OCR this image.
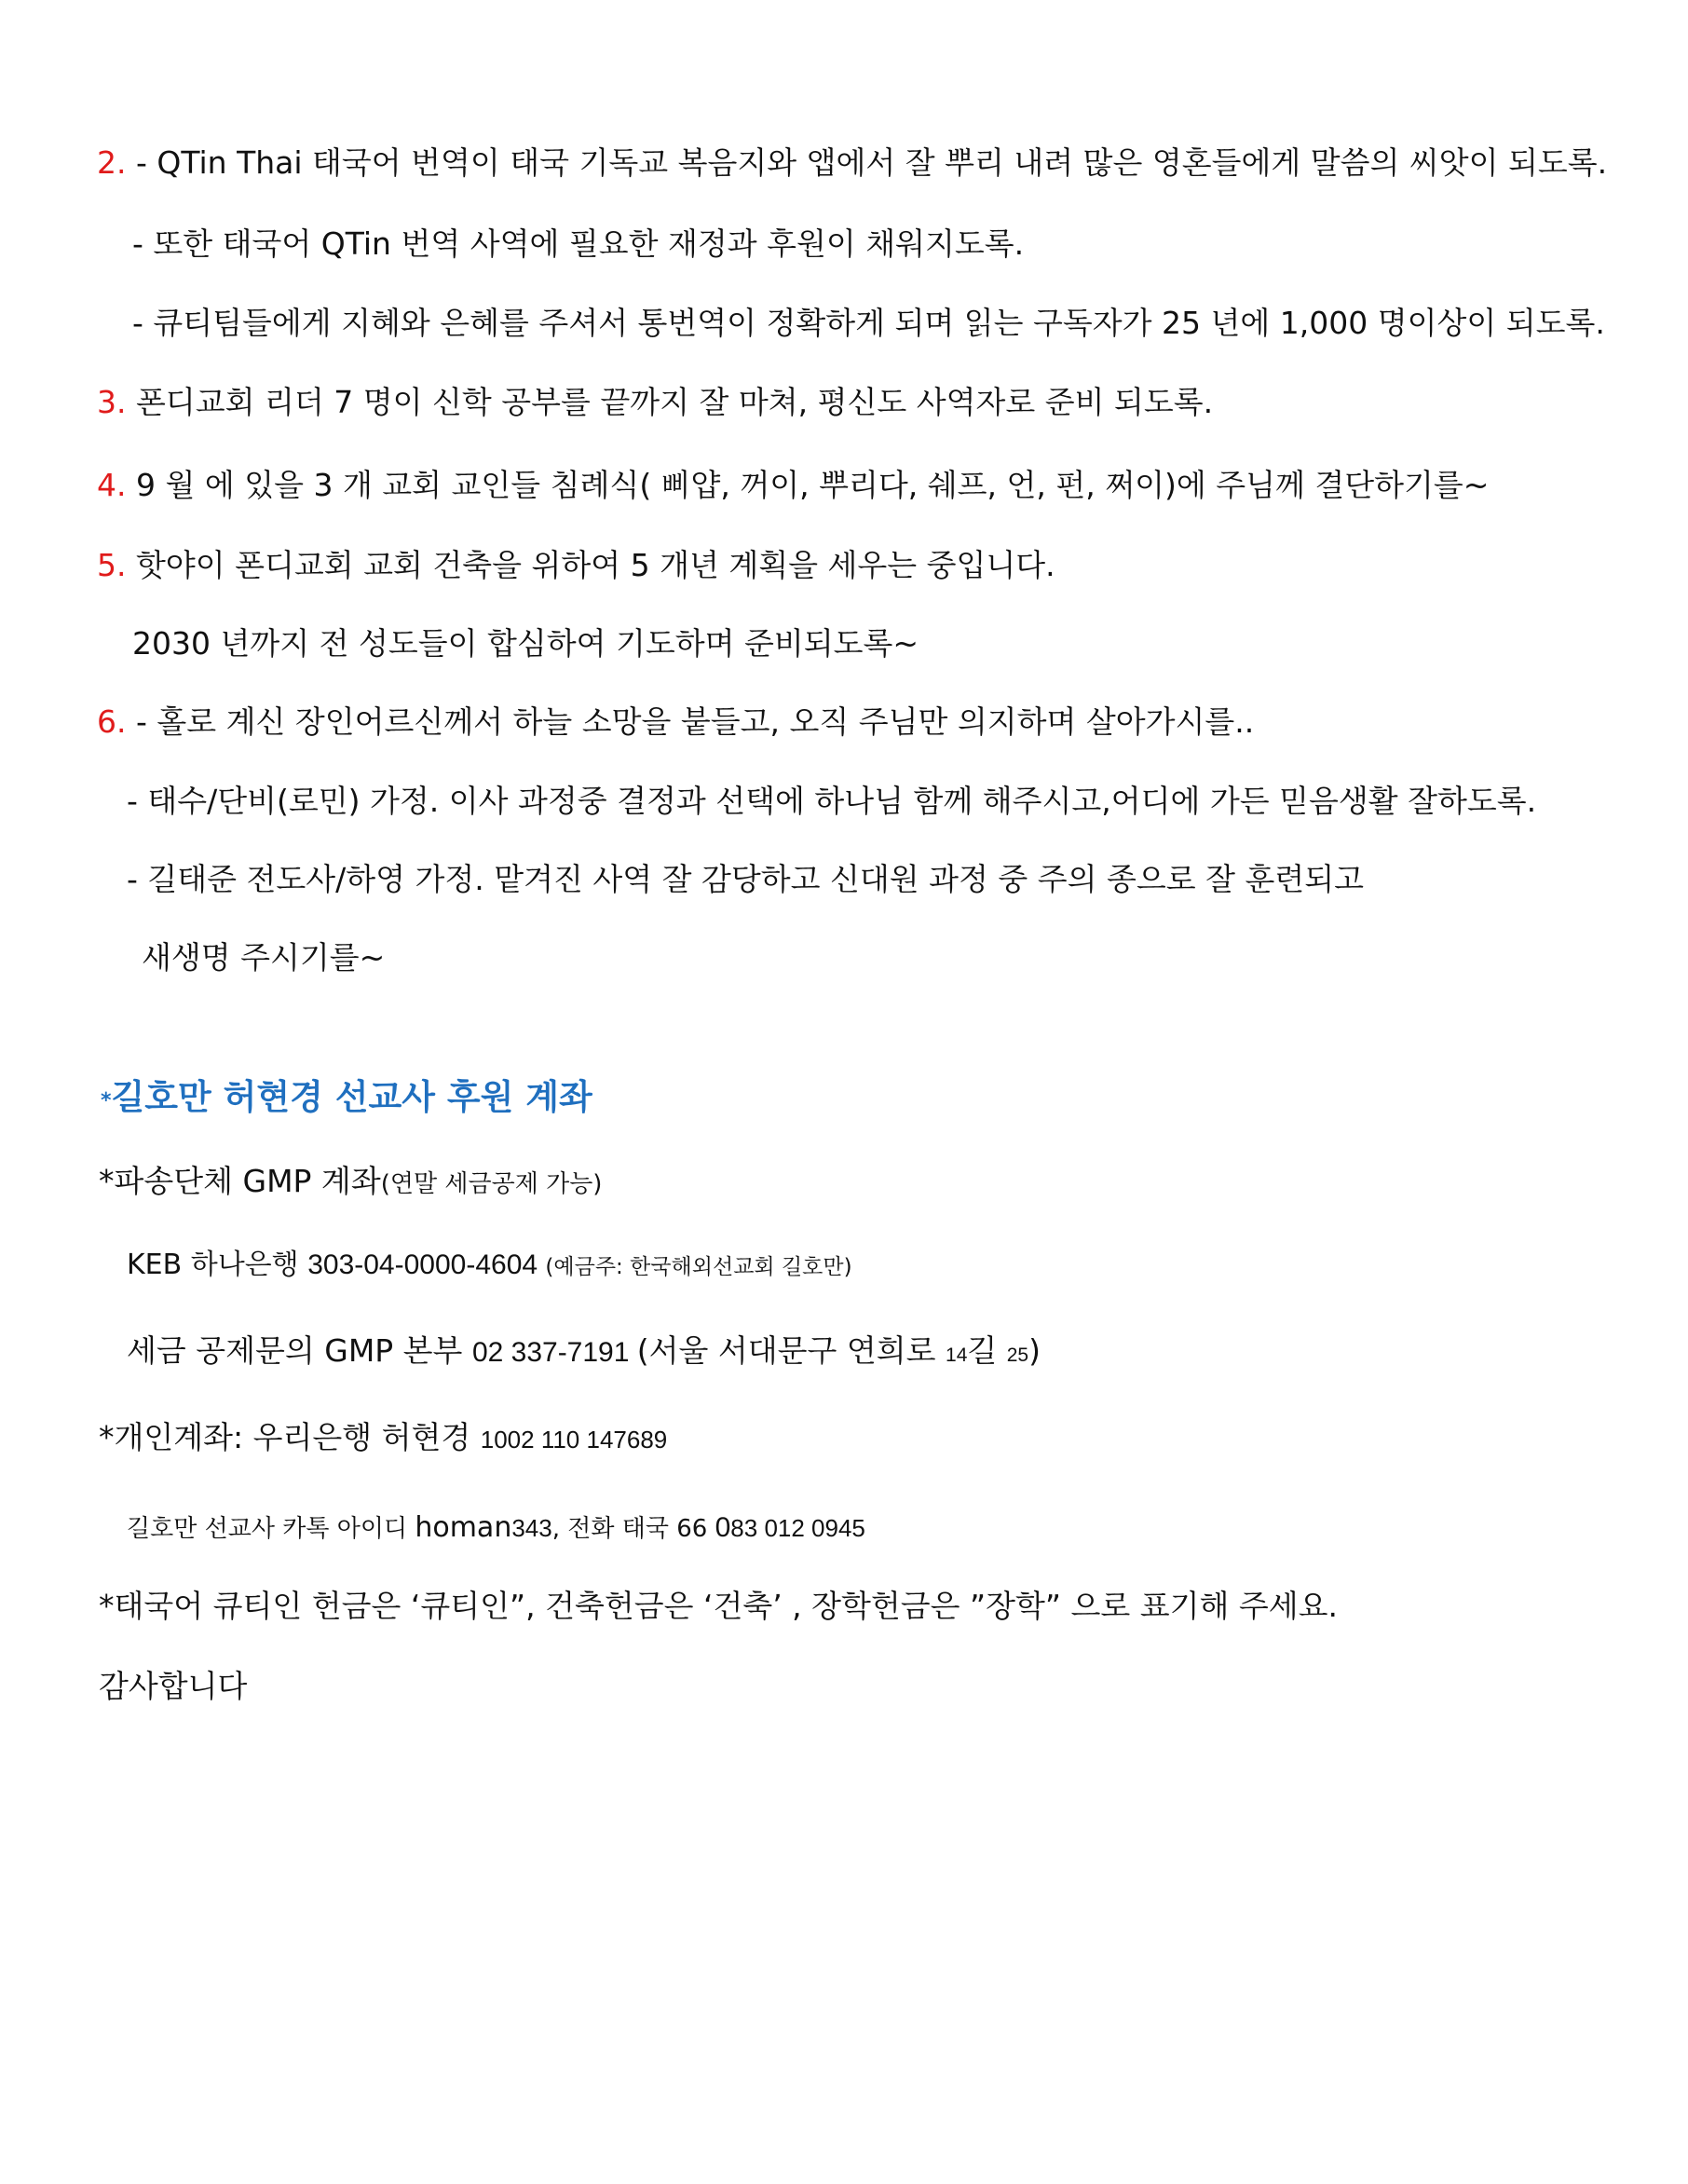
2. - QTin Thai 태국어 번역이 태국 기독교 복음지와 앱에서 잘 뿌리 내려 많은 영혼들에게 말씀의 씨앗이 되도록.
- 또한 태국어 QTin 번역 사역에 필요한 재정과 후원이 채워지도록.
- 큐티팀들에게 지혜와 은혜를 주셔서 통번역이 정확하게 되며 읽는 구독자가 25 년에 1,000 명이상이 되도록.
3. 폰디교회 리더 7 명이 신학 공부를 끝까지 잘 마쳐, 평신도 사역자로 준비 되도록.
4. 9 월 에 있을 3 개 교회 교인들 침례식( 삐얍, 꺼이, 뿌리다, 쉐프, 언, 펀, 쩌이)에 주님께 결단하기를~
5. 핫야이 폰디교회 교회 건축을 위하여 5 개년 계획을 세우는 중입니다.
2030 년까지 전 성도들이 합심하여 기도하며 준비되도록~
6. - 홀로 계신 장인어르신께서 하늘 소망을 붙들고, 오직 주님만 의지하며 살아가시를..
- 태수/단비(로민) 가정. 이사 과정중 결정과 선택에 하나님 함께 해주시고,어디에 가든 믿음생활 잘하도록.
- 길태준 전도사/하영 가정. 맡겨진 사역 잘 감당하고 신대원 과정 중 주의 종으로 잘 훈련되고
새생명 주시기를~
*길호만 허현경 선교사 후원 계좌
*파송단체 GMP 계좌(연말 세금공제 가능)
KEB 하나은행 303-04-0000-4604 (예금주: 한국해외선교회 길호만)
세금 공제문의 GMP 본부 02 337-7191 (서울 서대문구 연희로 14길 25)
*개인계좌: 우리은행 허현경 1002 110 147689
길호만 선교사 카톡 아이디 homan343, 전화 태국 66 083 012 0945
*태국어 큐티인 헌금은 ‘큐티인”, 건축헌금은 ‘건축’ , 장학헌금은 ”장학” 으로 표기해 주세요.
감사합니다
